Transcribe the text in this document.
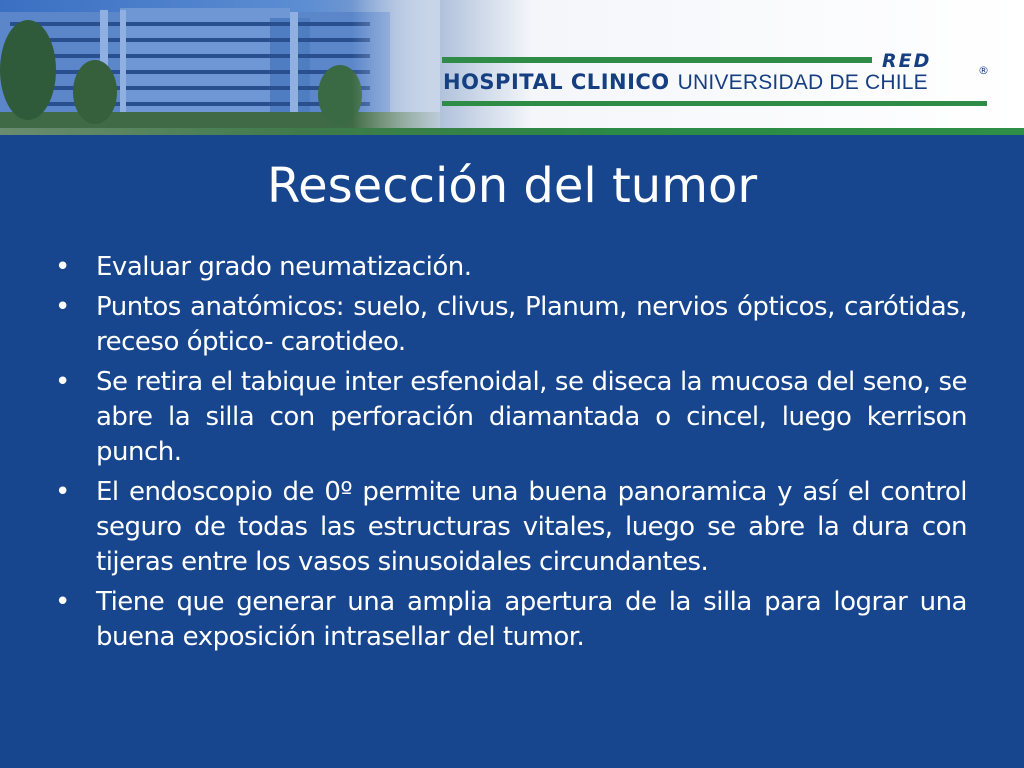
RED	®
HOSPITAL CLINICO UNIVERSIDAD DE CHILE
Resección del tumor
• Evaluar grado neumatización.
• Puntos anatómicos: suelo, clivus, Planum, nervios ópticos, carótidas, receso óptico- carotideo.
• Se retira el tabique inter esfenoidal, se diseca la mucosa del seno, se abre la silla con perforación diamantada o cincel, luego kerrison punch.
• El endoscopio de 0º permite una buena panoramica y así el control seguro de todas las estructuras vitales, luego se abre la dura con tijeras entre los vasos sinusoidales circundantes.
• Tiene que generar una amplia apertura de la silla para lograr una buena exposición intrasellar del tumor.
